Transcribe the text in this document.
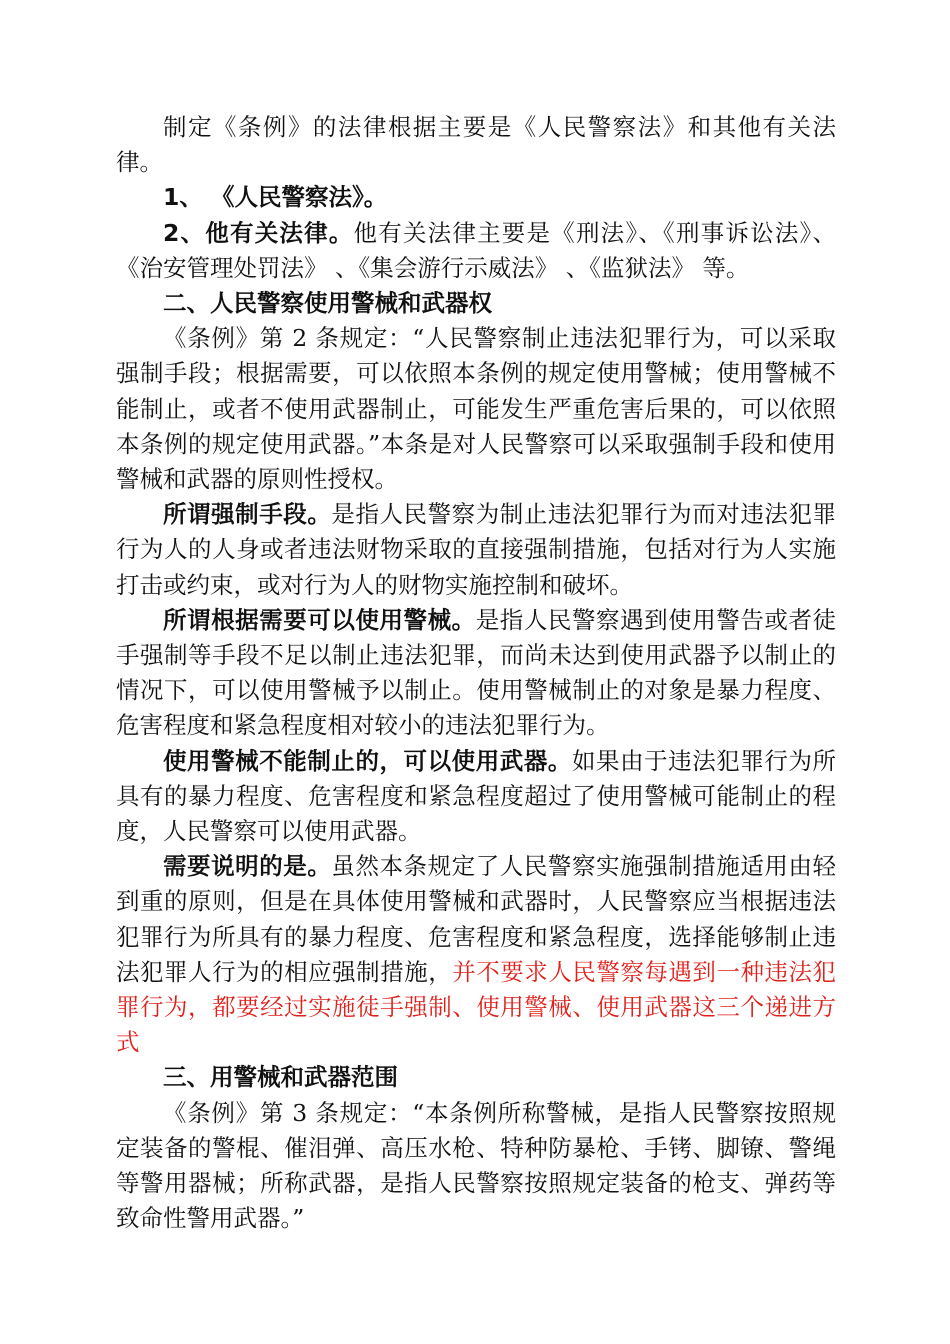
制定《条例》的法律根据主要是《人民警察法》和其他有关法律。

1、 《人民警察法》。

2、他有关法律。他有关法律主要是《刑法》、《刑事诉讼法》、《治安管理处罚法》 、《集会游行示威法》 、《监狱法》 等。

二、人民警察使用警械和武器权

《条例》第 2 条规定：“人民警察制止违法犯罪行为，可以采取强制手段；根据需要，可以依照本条例的规定使用警械；使用警械不能制止，或者不使用武器制止，可能发生严重危害后果的，可以依照本条例的规定使用武器。”本条是对人民警察可以采取强制手段和使用警械和武器的原则性授权。

所谓强制手段。是指人民警察为制止违法犯罪行为而对违法犯罪行为人的人身或者违法财物采取的直接强制措施，包括对行为人实施打击或约束，或对行为人的财物实施控制和破坏。

所谓根据需要可以使用警械。是指人民警察遇到使用警告或者徒手强制等手段不足以制止违法犯罪，而尚未达到使用武器予以制止的情况下，可以使用警械予以制止。使用警械制止的对象是暴力程度、危害程度和紧急程度相对较小的违法犯罪行为。

使用警械不能制止的，可以使用武器。如果由于违法犯罪行为所具有的暴力程度、危害程度和紧急程度超过了使用警械可能制止的程度，人民警察可以使用武器。

需要说明的是。虽然本条规定了人民警察实施强制措施适用由轻到重的原则，但是在具体使用警械和武器时，人民警察应当根据违法犯罪行为所具有的暴力程度、危害程度和紧急程度，选择能够制止违法犯罪人行为的相应强制措施，并不要求人民警察每遇到一种违法犯罪行为，都要经过实施徒手强制、使用警械、使用武器这三个递进方式

三、用警械和武器范围

《条例》第 3 条规定：“本条例所称警械，是指人民警察按照规定装备的警棍、催泪弹、高压水枪、特种防暴枪、手铐、脚镣、警绳等警用器械；所称武器，是指人民警察按照规定装备的枪支、弹药等致命性警用武器。”
